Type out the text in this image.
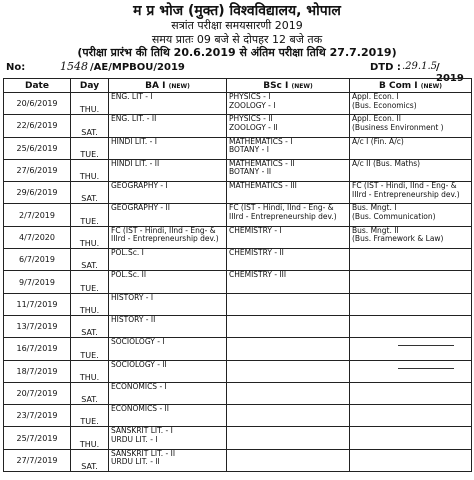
म प्र भोज (मुक्त) विश्वविद्यालय, भोपाल
सत्रांत परीक्षा समयसारणी 2019
समय प्रातः 09 बजे से दोपहर 12 बजे तक
(परीक्षा प्रारंभ की तिथि 20.6.2019 से अंतिम परीक्षा तिथि 27.7.2019)
No:	1548 /AE/MPBOU/2019	DTD : .29.1.5 / 2019
Date	Day	BA I (NEW)	BSc I (NEW)	B Com I (NEW)
20/6/2019	THU.	ENG. LIT - I	PHYSICS - I
ZOOLOGY - I	Appl. Econ. I
(Bus. Economics)

22/6/2019	SAT.	ENG. LIT. - II	PHYSICS - II
ZOOLOGY - II	Appl. Econ. II
(Business Environment )

25/6/2019	TUE.	HINDI LIT. - I	MATHEMATICS - I
BOTANY - I	A/c I (Fin. A/c)

27/6/2019	THU.	HINDI LIT. - II	MATHEMATICS - II
BOTANY - II	A/c II (Bus. Maths)

29/6/2019	SAT.	GEOGRAPHY - I	MATHEMATICS - III	FC (IST - Hindi, IInd - Eng- &
IIIrd - Entrepreneurship dev.)

2/7/2019	TUE.	GEOGRAPHY - II	FC (IST - Hindi, IInd - Eng- &
IIIrd - Entrepreneurship dev.)	Bus. Mngt. I
(Bus. Communication)

4/7/2020	THU.	FC (IST - Hindi, IInd - Eng- &
IIIrd - Entrepreneurship dev.)	CHEMISTRY - I	Bus. Mngt. II
(Bus. Framework & Law)

6/7/2019	SAT.	POL.Sc. I	CHEMISTRY - II	

9/7/2019	TUE.	POL.Sc. II	CHEMISTRY - III	

11/7/2019	THU.	HISTORY - I		

13/7/2019	SAT.	HISTORY - II		

16/7/2019	TUE.	SOCIOLOGY - I		

18/7/2019	THU.	SOCIOLOGY - II		

20/7/2019	SAT.	ECONOMICS - I		

23/7/2019	TUE.	ECONOMICS - II		

25/7/2019	THU.	SANSKRIT LIT. - I
URDU LIT. - I		

27/7/2019	SAT.	SANSKRIT LIT. - II
URDU LIT. - II		
